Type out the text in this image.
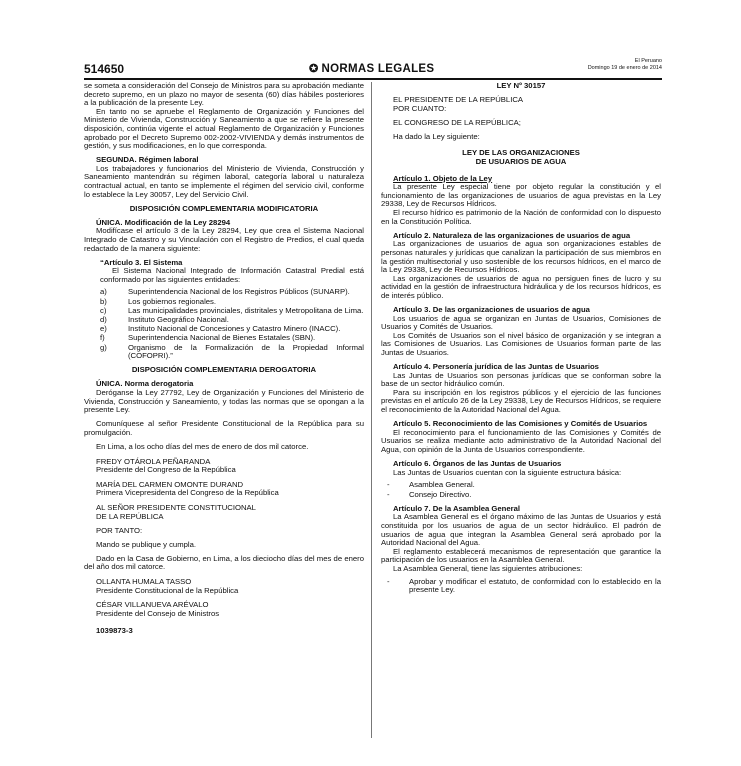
514650	✪ NORMAS LEGALES
El Peruano
Domingo 19 de enero de 2014

se someta a consideración del Consejo de Ministros para su aprobación mediante decreto supremo, en un plazo no mayor de sesenta (60) días hábiles posteriores a la publicación de la presente Ley.

En tanto no se apruebe el Reglamento de Organización y Funciones del Ministerio de Vivienda, Construcción y Saneamiento a que se refiere la presente disposición, continúa vigente el actual Reglamento de Organización y Funciones aprobado por el Decreto Supremo 002-2002-VIVIENDA y demás instrumentos de gestión, y sus modificaciones, en lo que corresponda.

SEGUNDA. Régimen laboral

Los trabajadores y funcionarios del Ministerio de Vivienda, Construcción y Saneamiento mantendrán su régimen laboral, categoría laboral u naturaleza contractual actual, en tanto se implemente el régimen del servicio civil, conforme lo establece la Ley 30057, Ley del Servicio Civil.

DISPOSICIÓN COMPLEMENTARIA MODIFICATORIA

ÚNICA. Modificación de la Ley 28294

Modifícase el artículo 3 de la Ley 28294, Ley que crea el Sistema Nacional Integrado de Catastro y su Vinculación con el Registro de Predios, el cual queda redactado de la manera siguiente:

“Artículo 3. El Sistema

El Sistema Nacional Integrado de Información Catastral Predial está conformado por las siguientes entidades:

a)	Superintendencia Nacional de los Registros Públicos (SUNARP).
b)	Los gobiernos regionales.
c)	Las municipalidades provinciales, distritales y Metropolitana de Lima.
d)	Instituto Geográfico Nacional.
e)	Instituto Nacional de Concesiones y Catastro Minero (INACC).
f)	Superintendencia Nacional de Bienes Estatales (SBN).
g)	Organismo de la Formalización de la Propiedad Informal (COFOPRI).”

DISPOSICIÓN COMPLEMENTARIA DEROGATORIA

ÚNICA. Norma derogatoria

Deróganse la Ley 27792, Ley de Organización y Funciones del Ministerio de Vivienda, Construcción y Saneamiento, y todas las normas que se opongan a la presente Ley.

Comuníquese al señor Presidente Constitucional de la República para su promulgación.

En Lima, a los ocho días del mes de enero de dos mil catorce.

FREDY OTÁROLA PEÑARANDA
Presidente del Congreso de la República
MARÍA DEL CARMEN OMONTE DURAND
Primera Vicepresidenta del Congreso de la República
AL SEÑOR PRESIDENTE CONSTITUCIONAL
DE LA REPÚBLICA

POR TANTO:

Mando se publique y cumpla.

Dado en la Casa de Gobierno, en Lima, a los dieciocho días del mes de enero del año dos mil catorce.

OLLANTA HUMALA TASSO
Presidente Constitucional de la República
CÉSAR VILLANUEVA ARÉVALO
Presidente del Consejo de Ministros

1039873-3

LEY Nº 30157

EL PRESIDENTE DE LA REPÚBLICA
POR CUANTO:

EL CONGRESO DE LA REPÚBLICA;

Ha dado la Ley siguiente:

LEY DE LAS ORGANIZACIONES

DE USUARIOS DE AGUA

Artículo 1. Objeto de la Ley

La presente Ley especial tiene por objeto regular la constitución y el funcionamiento de las organizaciones de usuarios de agua previstas en la Ley 29338, Ley de Recursos Hídricos.

El recurso hídrico es patrimonio de la Nación de conformidad con lo dispuesto en la Constitución Política.

Artículo 2. Naturaleza de las organizaciones de usuarios de agua

Las organizaciones de usuarios de agua son organizaciones estables de personas naturales y jurídicas que canalizan la participación de sus miembros en la gestión multisectorial y uso sostenible de los recursos hídricos, en el marco de la Ley 29338, Ley de Recursos Hídricos.

Las organizaciones de usuarios de agua no persiguen fines de lucro y su actividad en la gestión de infraestructura hidráulica y de los recursos hídricos, es de interés público.

Artículo 3. De las organizaciones de usuarios de agua

Los usuarios de agua se organizan en Juntas de Usuarios, Comisiones de Usuarios y Comités de Usuarios.

Los Comités de Usuarios son el nivel básico de organización y se integran a las Comisiones de Usuarios. Las Comisiones de Usuarios forman parte de las Juntas de Usuarios.

Artículo 4. Personería jurídica de las Juntas de Usuarios

Las Juntas de Usuarios son personas jurídicas que se conforman sobre la base de un sector hidráulico común.

Para su inscripción en los registros públicos y el ejercicio de las funciones previstas en el artículo 26 de la Ley 29338, Ley de Recursos Hídricos, se requiere el reconocimiento de la Autoridad Nacional del Agua.

Artículo 5. Reconocimiento de las Comisiones y Comités de Usuarios

El reconocimiento para el funcionamiento de las Comisiones y Comités de Usuarios se realiza mediante acto administrativo de la Autoridad Nacional del Agua, con opinión de la Junta de Usuarios correspondiente.

Artículo 6. Órganos de las Juntas de Usuarios

Las Juntas de Usuarios cuentan con la siguiente estructura básica:

-	Asamblea General.
-	Consejo Directivo.

Artículo 7. De la Asamblea General

La Asamblea General es el órgano máximo de las Juntas de Usuarios y está constituida por los usuarios de agua de un sector hidráulico. El padrón de usuarios de agua que integran la Asamblea General será aprobado por la Autoridad Nacional del Agua.

El reglamento establecerá mecanismos de representación que garantice la participación de los usuarios en la Asamblea General.

La Asamblea General, tiene las siguientes atribuciones:

-	Aprobar y modificar el estatuto, de conformidad con lo establecido en la presente Ley.
